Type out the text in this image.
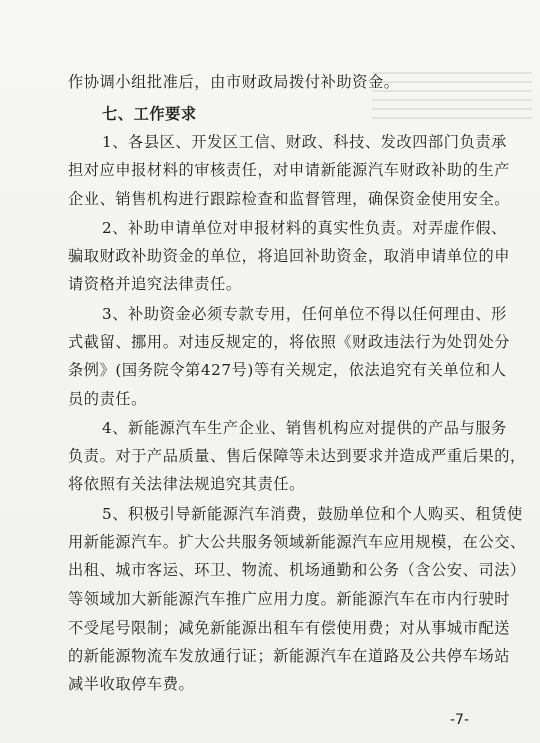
作协调小组批准后，由市财政局拨付补助资金。
七、工作要求
1、各县区、开发区工信、财政、科技、发改四部门负责承
担对应申报材料的审核责任，对申请新能源汽车财政补助的生产
企业、销售机构进行跟踪检查和监督管理，确保资金使用安全。
2、补助申请单位对申报材料的真实性负责。对弄虚作假、
骗取财政补助资金的单位，将追回补助资金，取消申请单位的申
请资格并追究法律责任。
3、补助资金必须专款专用，任何单位不得以任何理由、形
式截留、挪用。对违反规定的，将依照《财政违法行为处罚处分
条例》(国务院令第427号)等有关规定，依法追究有关单位和人
员的责任。
4、新能源汽车生产企业、销售机构应对提供的产品与服务
负责。对于产品质量、售后保障等未达到要求并造成严重后果的，
将依照有关法律法规追究其责任。
5、积极引导新能源汽车消费，鼓励单位和个人购买、租赁使
用新能源汽车。扩大公共服务领域新能源汽车应用规模，在公交、
出租、城市客运、环卫、物流、机场通勤和公务（含公安、司法）
等领域加大新能源汽车推广应用力度。新能源汽车在市内行驶时
不受尾号限制；减免新能源出租车有偿使用费；对从事城市配送
的新能源物流车发放通行证；新能源汽车在道路及公共停车场站
减半收取停车费。
-7-
